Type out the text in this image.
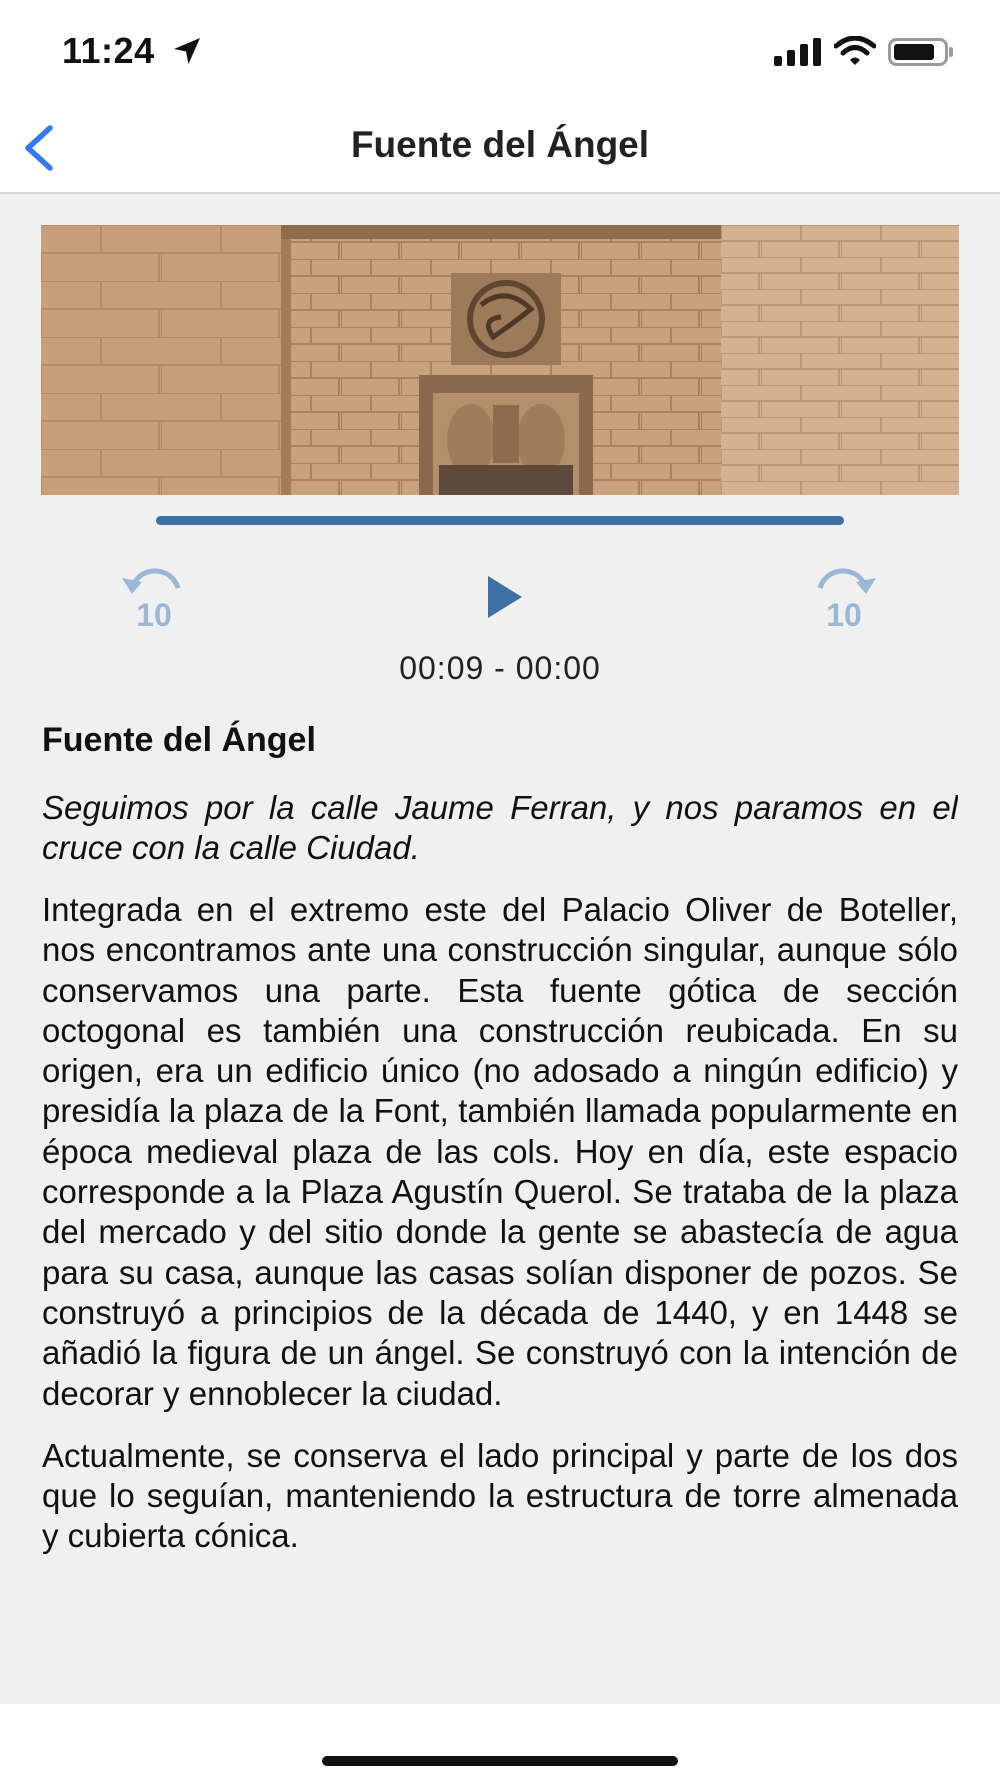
11:24
Fuente del Ángel
10	10
00:09 - 00:00
Fuente del Ángel

Seguimos por la calle Jaume Ferran, y nos paramos en el cruce con la calle Ciudad.

Integrada en el extremo este del Palacio Oliver de Boteller, nos encontramos ante una construcción singular, aunque sólo conservamos una parte. Esta fuente gótica de sección octogonal es también una construcción reubicada. En su origen, era un edificio único (no adosado a ningún edificio) y presidía la plaza de la Font, también llamada popularmente en época medieval plaza de las cols. Hoy en día, este espacio corresponde a la Plaza Agustín Querol. Se trataba de la plaza del mercado y del sitio donde la gente se abastecía de agua para su casa, aunque las casas solían disponer de pozos. Se construyó a principios de la década de 1440, y en 1448 se añadió la figura de un ángel. Se construyó con la intención de decorar y ennoblecer la ciudad.

Actualmente, se conserva el lado principal y parte de los dos que lo seguían, manteniendo la estructura de torre almenada y cubierta cónica.
